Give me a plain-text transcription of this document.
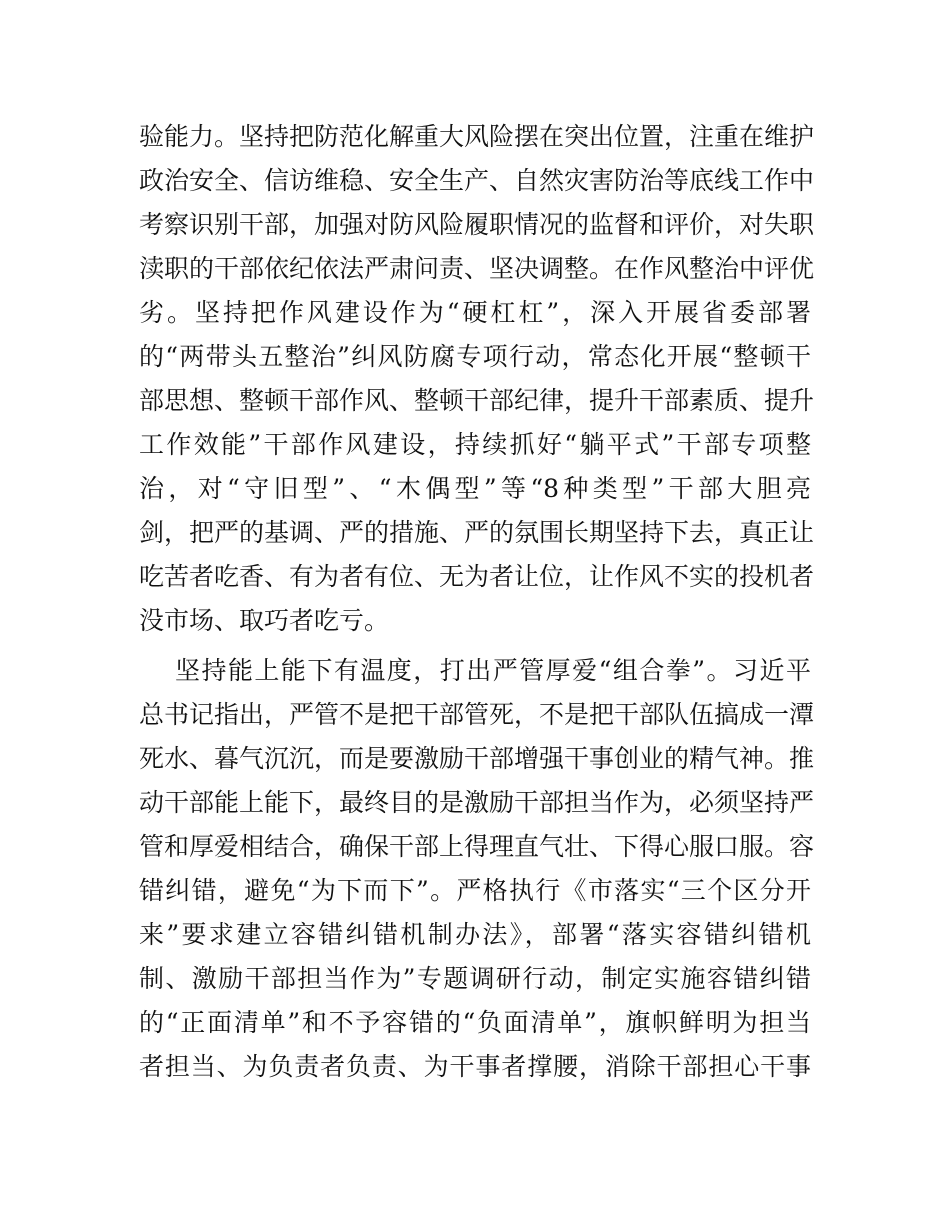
验能力。坚持把防范化解重大风险摆在突出位置，注重在维护
政治安全、信访维稳、安全生产、自然灾害防治等底线工作中
考察识别干部，加强对防风险履职情况的监督和评价，对失职
渎职的干部依纪依法严肃问责、坚决调整。在作风整治中评优
劣。坚持把作风建设作为“硬杠杠”，深入开展省委部署
的“两带头五整治”纠风防腐专项行动，常态化开展“整顿干
部思想、整顿干部作风、整顿干部纪律，提升干部素质、提升
工作效能”干部作风建设，持续抓好“躺平式”干部专项整
治，对“守旧型”、“木偶型”等“8种类型”干部大胆亮
剑，把严的基调、严的措施、严的氛围长期坚持下去，真正让
吃苦者吃香、有为者有位、无为者让位，让作风不实的投机者
没市场、取巧者吃亏。
坚持能上能下有温度，打出严管厚爱“组合拳”。习近平
总书记指出，严管不是把干部管死，不是把干部队伍搞成一潭
死水、暮气沉沉，而是要激励干部增强干事创业的精气神。推
动干部能上能下，最终目的是激励干部担当作为，必须坚持严
管和厚爱相结合，确保干部上得理直气壮、下得心服口服。容
错纠错，避免“为下而下”。严格执行《市落实“三个区分开
来”要求建立容错纠错机制办法》，部署“落实容错纠错机
制、激励干部担当作为”专题调研行动，制定实施容错纠错
的“正面清单”和不予容错的“负面清单”，旗帜鲜明为担当
者担当、为负责者负责、为干事者撑腰，消除干部担心干事
